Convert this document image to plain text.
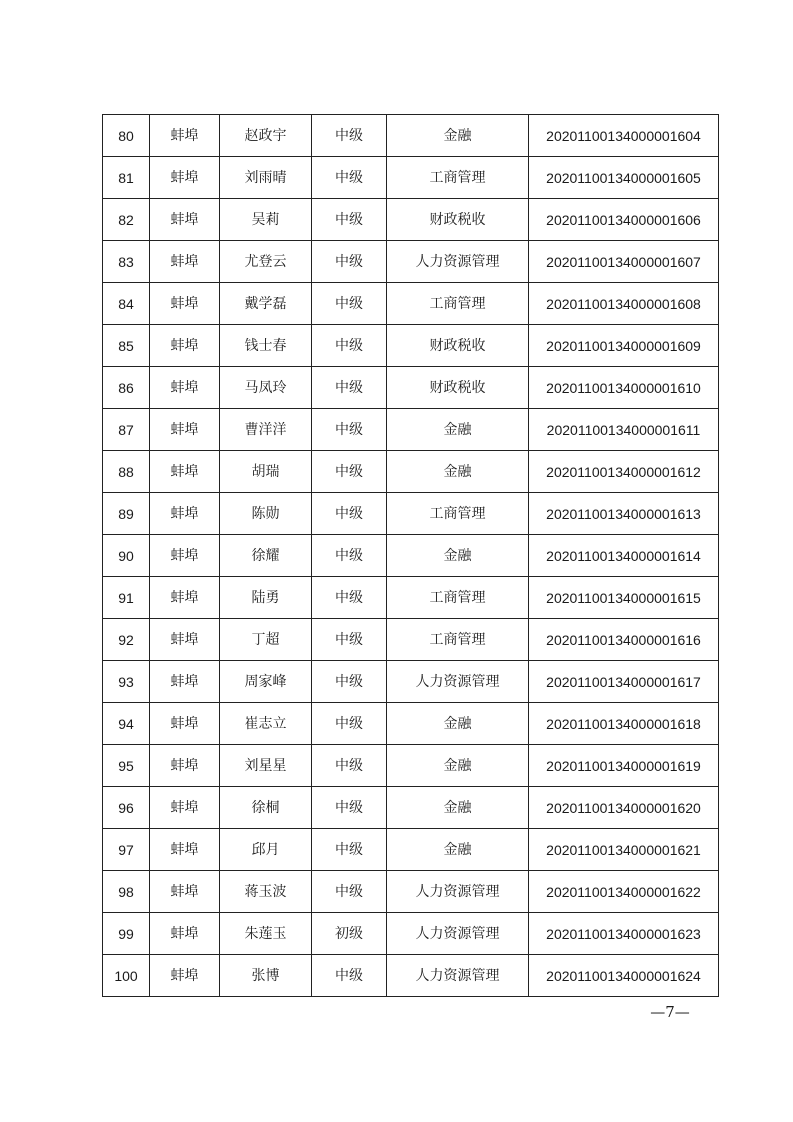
80	蚌埠	赵政宇	中级	金融	20201100134000001604
81	蚌埠	刘雨晴	中级	工商管理	20201100134000001605
82	蚌埠	吴莉	中级	财政税收	20201100134000001606
83	蚌埠	尤登云	中级	人力资源管理	20201100134000001607
84	蚌埠	戴学磊	中级	工商管理	20201100134000001608
85	蚌埠	钱士春	中级	财政税收	20201100134000001609
86	蚌埠	马凤玲	中级	财政税收	20201100134000001610
87	蚌埠	曹洋洋	中级	金融	20201100134000001611
88	蚌埠	胡瑞	中级	金融	20201100134000001612
89	蚌埠	陈勋	中级	工商管理	20201100134000001613
90	蚌埠	徐耀	中级	金融	20201100134000001614
91	蚌埠	陆勇	中级	工商管理	20201100134000001615
92	蚌埠	丁超	中级	工商管理	20201100134000001616
93	蚌埠	周家峰	中级	人力资源管理	20201100134000001617
94	蚌埠	崔志立	中级	金融	20201100134000001618
95	蚌埠	刘星星	中级	金融	20201100134000001619
96	蚌埠	徐桐	中级	金融	20201100134000001620
97	蚌埠	邱月	中级	金融	20201100134000001621
98	蚌埠	蒋玉波	中级	人力资源管理	20201100134000001622
99	蚌埠	朱莲玉	初级	人力资源管理	20201100134000001623
100	蚌埠	张博	中级	人力资源管理	20201100134000001624
—7—
